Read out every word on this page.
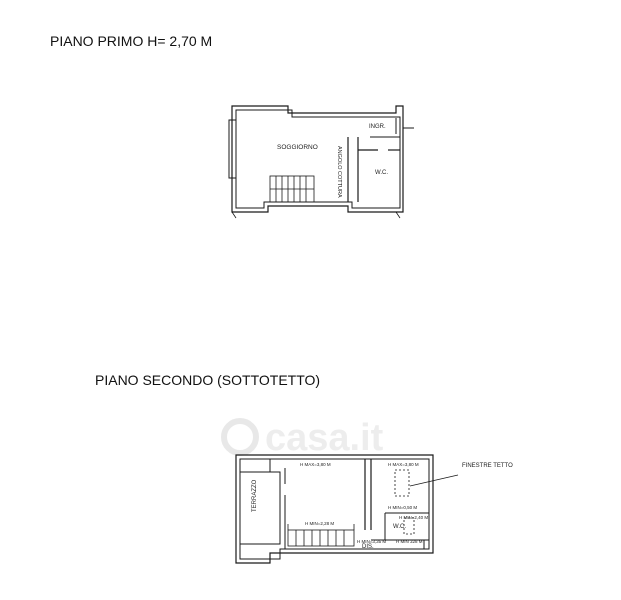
PIANO PRIMO H= 2,70 M
PIANO SECONDO (SOTTOTETTO)
casa.it
SOGGIORNO	ANGOLO COTTURA
INGR.
W.C.
TERRAZZO
DIS.
W.C.
FINESTRE TETTO
H MAX=3,80 M	H MAX=3,80 M
H MIN=2,28 M
H MIN=0,50 M
H MIN=2,40 M
H MIN=3,35 M H MIN 328 M
